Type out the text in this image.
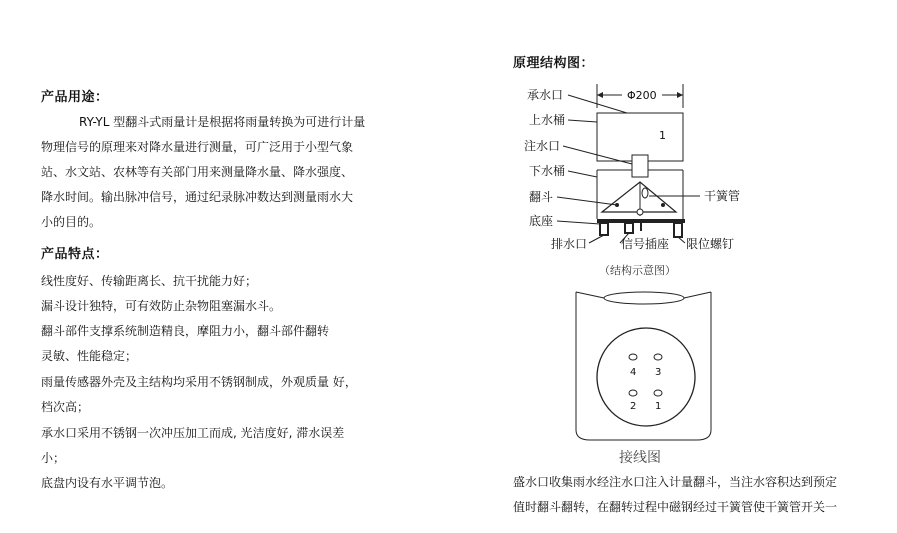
产品用途：
RY-YL 型翻斗式雨量计是根据将雨量转换为可进行计量
物理信号的原理来对降水量进行测量，可广泛用于小型气象
站、水文站、农林等有关部门用来测量降水量、降水强度、
降水时间。输出脉冲信号，通过纪录脉冲数达到测量雨水大
小的目的。
产品特点：
线性度好、传输距离长、抗干扰能力好；
漏斗设计独特，可有效防止杂物阻塞漏水斗。
翻斗部件支撑系统制造精良，摩阻力小，翻斗部件翻转
灵敏、性能稳定；
雨量传感器外壳及主结构均采用不锈钢制成，外观质量 好，
档次高；
承水口采用不锈钢一次冲压加工而成, 光洁度好, 滞水误差
小；
底盘内设有水平调节泡。
原理结构图：
Φ200
1
承水口
上水桶
注水口
下水桶
翻斗
底座
排水口	信号插座 限位螺钉
干簧管
（结构示意图）
4 3
2 1
接线图
盛水口收集雨水经注水口注入计量翻斗，当注水容积达到预定
值时翻斗翻转，在翻转过程中磁钢经过干簧管使干簧管开关一
